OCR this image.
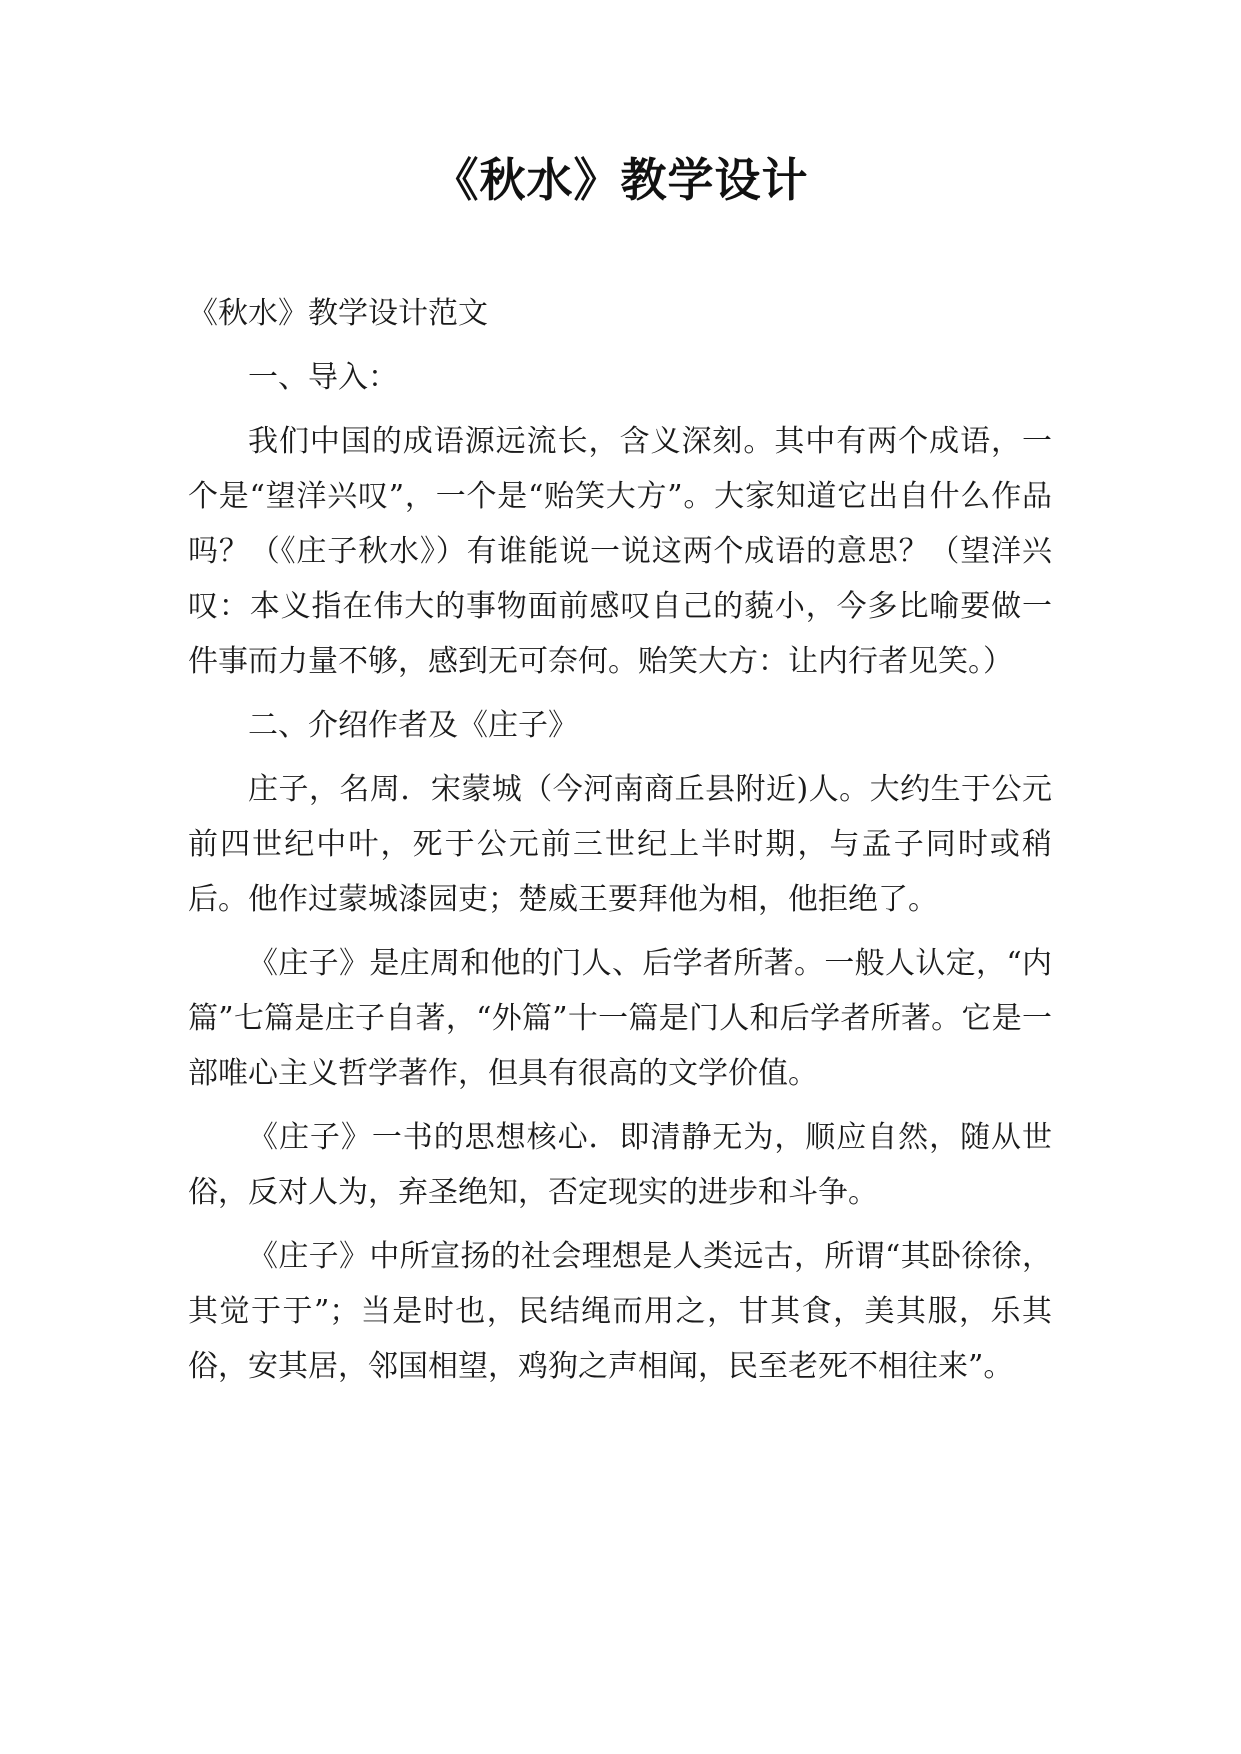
《秋水》教学设计

《秋水》教学设计范文

一、导入：

我们中国的成语源远流长，含义深刻。其中有两个成语，一个是“望洋兴叹”，一个是“贻笑大方”。大家知道它出自什么作品吗？（《庄子秋水》）有谁能说一说这两个成语的意思？（望洋兴叹：本义指在伟大的事物面前感叹自己的藐小，今多比喻要做一件事而力量不够，感到无可奈何。贻笑大方：让内行者见笑。）

二、介绍作者及《庄子》

庄子，名周．宋蒙城（今河南商丘县附近)人。大约生于公元前四世纪中叶，死于公元前三世纪上半时期，与孟子同时或稍后。他作过蒙城漆园吏；楚威王要拜他为相，他拒绝了。

《庄子》是庄周和他的门人、后学者所著。一般人认定，“内篇”七篇是庄子自著，“外篇”十一篇是门人和后学者所著。它是一部唯心主义哲学著作，但具有很高的文学价值。

《庄子》一书的思想核心．即清静无为，顺应自然，随从世俗，反对人为，弃圣绝知，否定现实的进步和斗争。

《庄子》中所宣扬的社会理想是人类远古，所谓“其卧徐徐，其觉于于”；当是时也，民结绳而用之，甘其食，美其服，乐其俗，安其居，邻国相望，鸡狗之声相闻，民至老死不相往来”。
